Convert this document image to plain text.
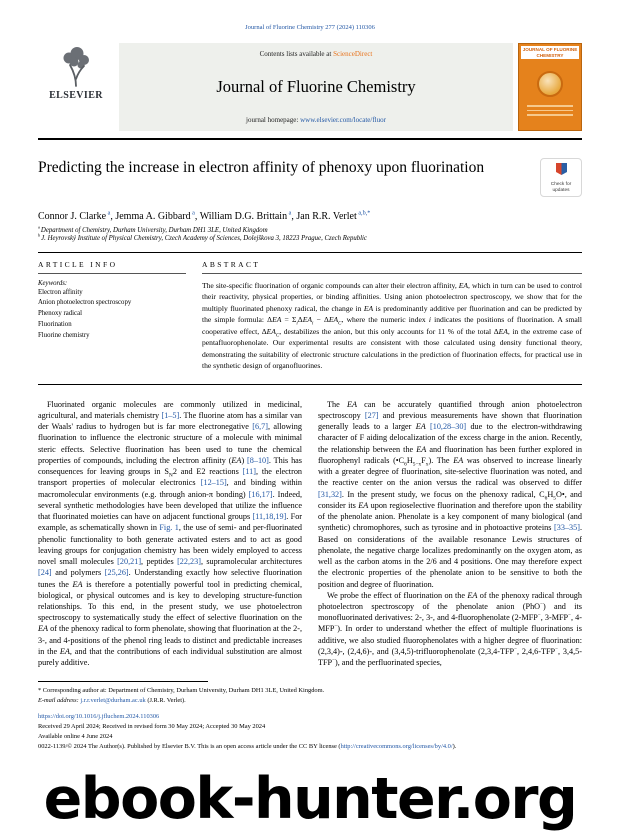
Journal of Fluorine Chemistry 277 (2024) 110306
ELSEVIER
Contents lists available at ScienceDirect
Journal of Fluorine Chemistry
journal homepage: www.elsevier.com/locate/fluor
JOURNAL OF FLUORINE CHEMISTRY
Predicting the increase in electron affinity of phenoxy upon fluorination
Check for updates
Connor J. Clarke $^a$, Jemma A. Gibbard $^a$, William D.G. Brittain $^a$, Jan R.R. Verlet $^{a,b,*}$

$^a$ Department of Chemistry, Durham University, Durham DH1 3LE, United Kingdom

$^b$ J. Heyrovský Institute of Physical Chemistry, Czech Academy of Sciences, Dolejškova 3, 18223 Prague, Czech Republic

ARTICLE INFO
Keywords:
Electron affinity
Anion photoelectron spectroscopy
Phenoxy radical
Fluorination
Fluorine chemistry
ABSTRACT

The site-specific fluorination of organic compounds can alter their electron affinity, EA, which in turn can be used to control their reactivity, physical properties, or binding affinities. Using anion photoelectron spectroscopy, we show that for the multiply fluorinated phenoxy radical, the change in EA is predominantly additive per fluorination and can be predicted by the simple formula: $\Delta EA = \Sigma_i\Delta EA_i - \Delta EA_C$, where the numeric index i indicates the positions of fluorination. A small cooperative effect, $\Delta EA_C$, destabilizes the anion, but this only accounts for 11 % of the total ΔEA, in the extreme case of pentafluorophenolate. Our experimental results are consistent with those calculated using density functional theory, demonstrating the suitability of electronic structure calculations in the prediction of fluorination effects, for practical use in the synthetic design of organofluorines.

Fluorinated organic molecules are commonly utilized in medicinal, agricultural, and materials chemistry [1–5]. The fluorine atom has a similar van der Waals' radius to hydrogen but is far more electronegative [6,7], allowing fluorination to influence the electronic structure of a molecule with minimal steric effects. Selective fluorination has been used to tune the chemical properties of compounds, including the electron affinity (EA) [8–10]. This has consequences for leaving groups in $S_N2$ and E2 reactions [11], the electron transport properties of molecular electronics [12–15], and binding within macromolecular environments (e.g. through anion-π bonding) [16,17]. Indeed, several synthetic methodologies have been developed that utilize the influence that fluorinated moieties can have on adjacent functional groups [11,18,19]. For example, as schematically shown in Fig. 1, the use of semi- and per-fluorinated phenolic functionality to both generate activated esters and to act as good leaving groups for conjugation chemistry has been widely employed to access novel small molecules [20,21], peptides [22,23], supramolecular architectures [24] and polymers [25,26]. Understanding exactly how selective fluorination tunes the EA is therefore a potentially powerful tool in predicting chemical, biological, or physical outcomes and is key to developing structure-function relationships. To this end, in the present study, we use photoelectron spectroscopy to systematically study the effect of selective fluorination on the EA of the phenoxy radical to form phenolate, showing that fluorination at the 2-, 3-, and 4-positions of the phenol ring leads to distinct and predictable increases in the EA, and that the contributions of each individual substitution are almost purely additive.

The EA can be accurately quantified through anion photoelectron spectroscopy [27] and previous measurements have shown that fluorination generally leads to a larger EA [10,28–30] due to the electron-withdrawing character of F aiding delocalization of the excess charge in the anion. Recently, the relationship between the EA and fluorination has been further explored in fluorophenyl radicals $(•C_6H_{5-x}F_x)$. The EA was observed to increase linearly with a greater degree of fluorination, site-selective fluorination was noted, and the reactive center on the anion versus the radical was observed to differ [31,32]. In the present study, we focus on the phenoxy radical, $C_6H_5O•$, and consider its EA upon regioselective fluorination and therefore upon the stability of the phenolate anion. Phenolate is a key component of many biological (and synthetic) chromophores, such as tyrosine and in photoactive proteins [33–35]. Based on considerations of the available resonance Lewis structures of phenolate, the negative charge localizes predominantly on the oxygen atom, as well as the carbon atoms in the 2/6 and 4 positions. One may therefore expect the electronic properties of the phenolate anion to be sensitive to both the position and degree of fluorination.

We probe the effect of fluorination on the EA of the phenoxy radical through photoelectron spectroscopy of the phenolate anion (PhO−) and its monofluorinated derivatives: 2-, 3-, and 4-fluorophenolate (2-MFP−, 3-MFP−, 4-MFP−). In order to understand whether the effect of multiple fluorinations is additive, we also studied fluorophenolates with a higher degree of fluorination: (2,3,4)-, (2,4,6)-, and (3,4,5)-trifluorophenolate (2,3,4-TFP−, 2,4,6-TFP−, 3,4,5-TFP−), and the perfluorinated species,

* Corresponding author at: Department of Chemistry, Durham University, Durham DH1 3LE, United Kingdom.

E-mail address: j.r.r.verlet@durham.ac.uk (J.R.R. Verlet).

https://doi.org/10.1016/j.jfluchem.2024.110306

Received 29 April 2024; Received in revised form 30 May 2024; Accepted 30 May 2024

Available online 4 June 2024

0022-1139/© 2024 The Author(s). Published by Elsevier B.V. This is an open access article under the CC BY license (http://creativecommons.org/licenses/by/4.0/).

ebook-hunter.org
